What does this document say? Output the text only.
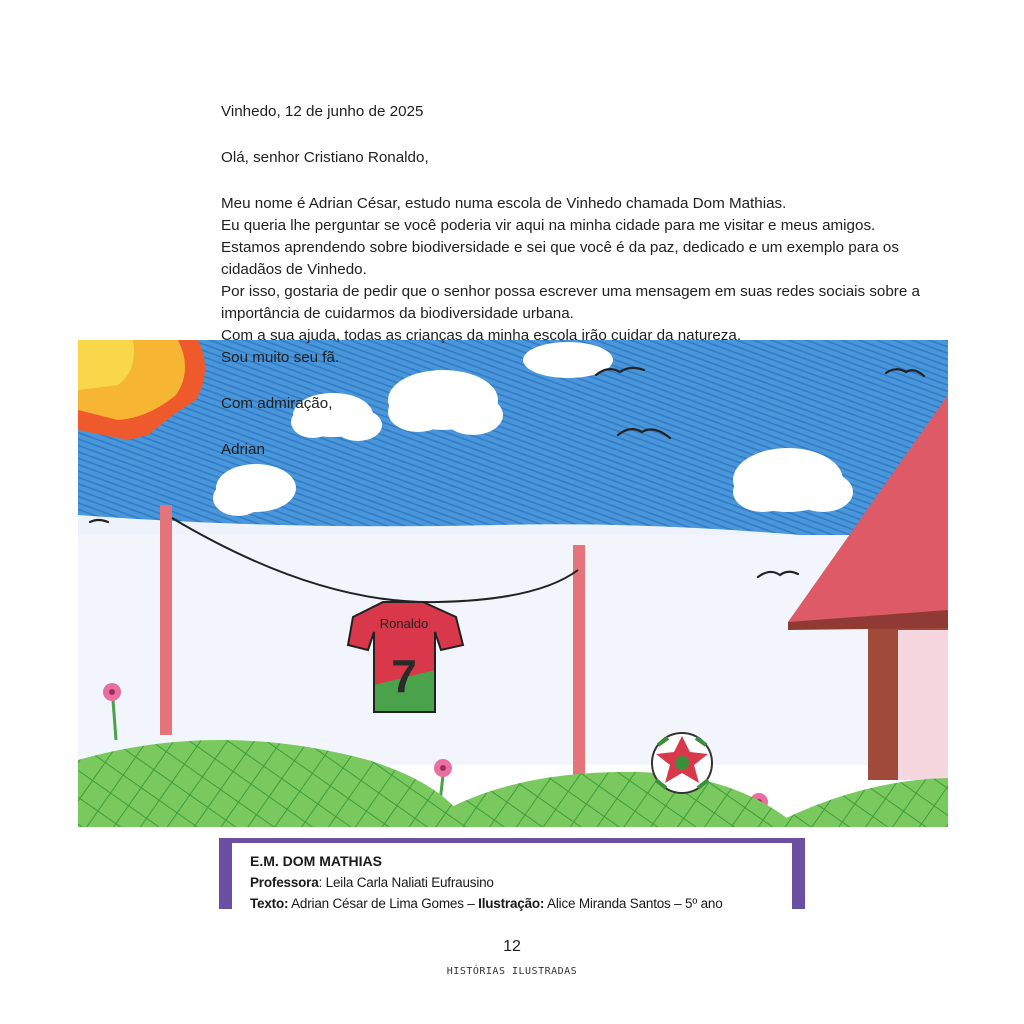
Ronaldo
7

Vinhedo, 12 de junho de 2025

Olá, senhor Cristiano Ronaldo,

Meu nome é Adrian César, estudo numa escola de Vinhedo chamada Dom Mathias.

Eu queria lhe perguntar se você poderia vir aqui na minha cidade para me visitar e meus amigos.

Estamos aprendendo sobre biodiversidade e sei que você é da paz, dedicado e um exemplo para os cidadãos de Vinhedo.

Por isso, gostaria de pedir que o senhor possa escrever uma mensagem em suas redes sociais sobre a importância de cuidarmos da biodiversidade urbana.

Com a sua ajuda, todas as crianças da minha escola irão cuidar da natureza.

Sou muito seu fã.

Com admiração,

Adrian

E.M. DOM MATHIAS
Professora: Leila Carla Naliati Eufrausino
Texto: Adrian César de Lima Gomes – Ilustração: Alice Miranda Santos – 5º ano
12
HISTÓRIAS ILUSTRADAS
